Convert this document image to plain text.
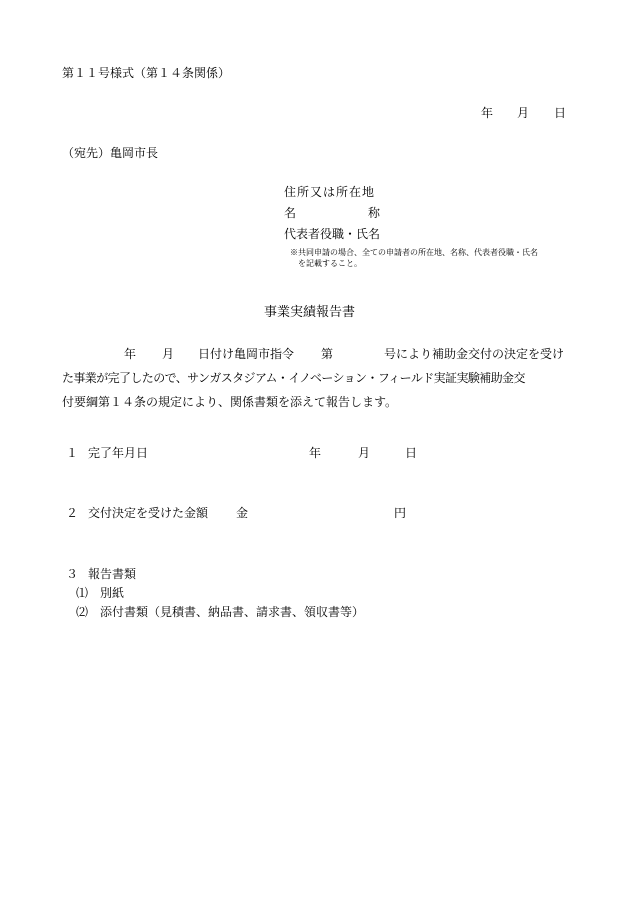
第１１号様式（第１４条関係）

年 月 日

（宛先）亀岡市長

住所又は所在地
名	称
代表者役職・氏名
※共同申請の場合、全ての申請者の所在地、名称、代表者役職・氏名
を記載すること。
事業実績報告書
年 月 日付け亀岡市指令 第	号により補助金交付の決定を受け
た事業が完了したので、サンガスタジアム・イノベーション・フィールド実証実験補助金交
付要綱第１４条の規定により、関係書類を添えて報告します。
１ 完了年月日	年	月	日
２ 交付決定を受けた金額 金	円
３ 報告書類
⑴ 別紙
⑵ 添付書類（見積書、納品書、請求書、領収書等）
